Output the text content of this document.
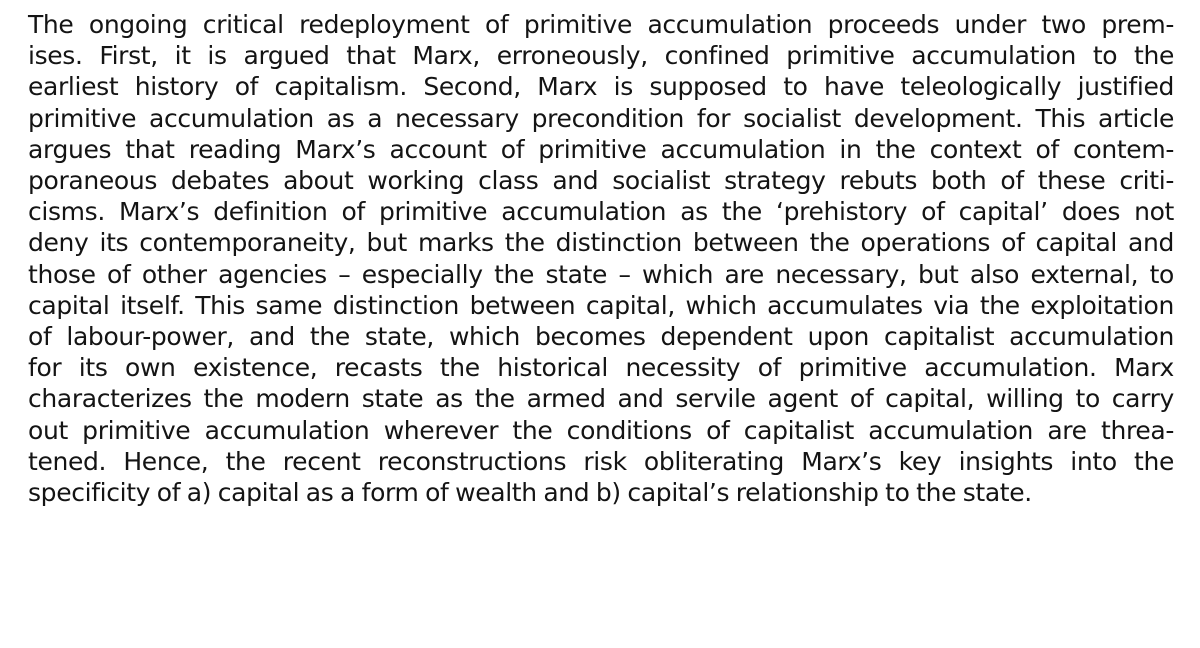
The ongoing critical redeployment of primitive accumulation proceeds under two prem-
ises. First, it is argued that Marx, erroneously, confined primitive accumulation to the
earliest history of capitalism. Second, Marx is supposed to have teleologically justified
primitive accumulation as a necessary precondition for socialist development. This article
argues that reading Marx’s account of primitive accumulation in the context of contem-
poraneous debates about working class and socialist strategy rebuts both of these criti-
cisms. Marx’s definition of primitive accumulation as the ‘prehistory of capital’ does not
deny its contemporaneity, but marks the distinction between the operations of capital and
those of other agencies – especially the state – which are necessary, but also external, to
capital itself. This same distinction between capital, which accumulates via the exploitation
of labour-power, and the state, which becomes dependent upon capitalist accumulation
for its own existence, recasts the historical necessity of primitive accumulation. Marx
characterizes the modern state as the armed and servile agent of capital, willing to carry
out primitive accumulation wherever the conditions of capitalist accumulation are threa-
tened. Hence, the recent reconstructions risk obliterating Marx’s key insights into the
specificity of a) capital as a form of wealth and b) capital’s relationship to the state.
